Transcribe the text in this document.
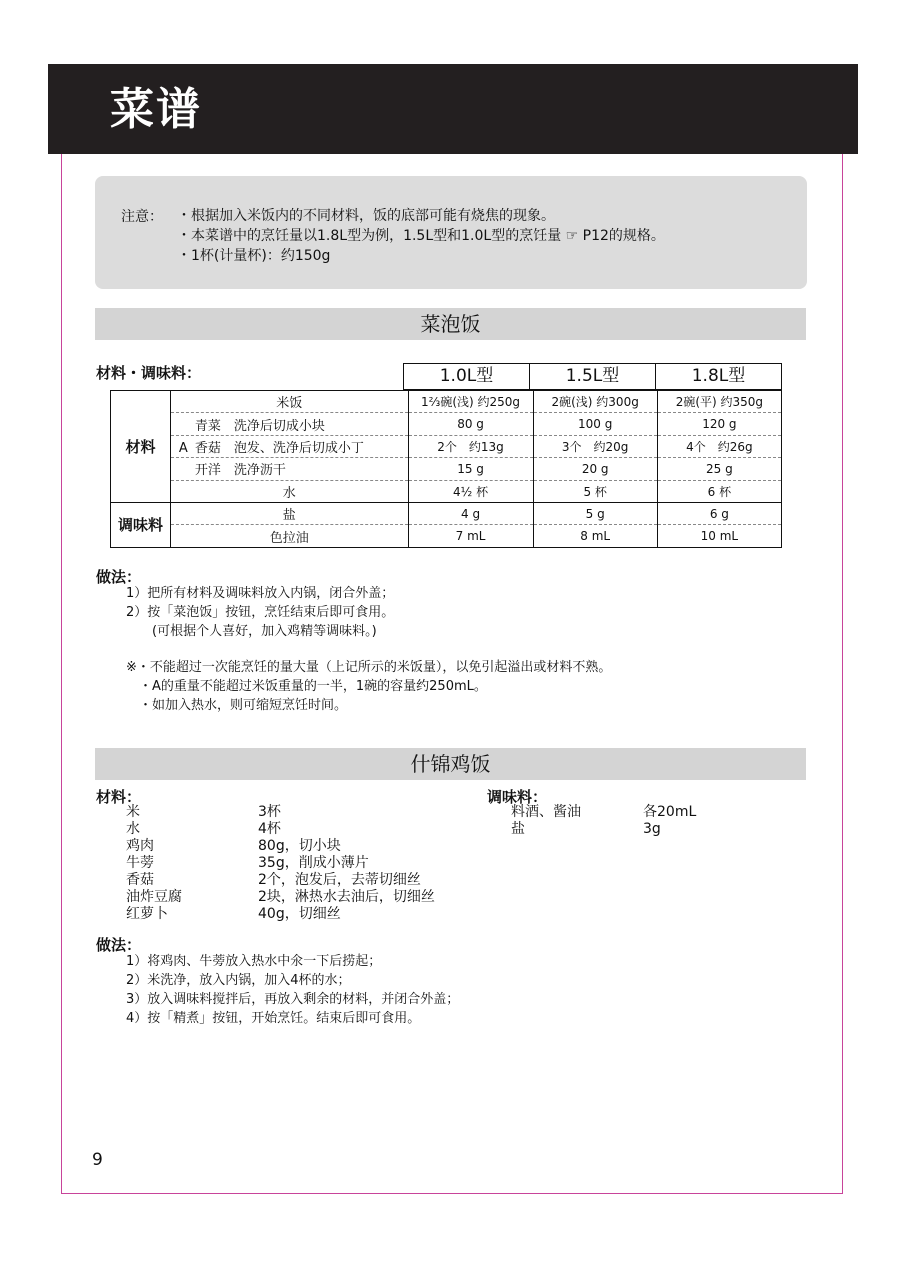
菜谱
注意： ・根据加入米饭内的不同材料，饭的底部可能有烧焦的现象。
・本菜谱中的烹饪量以1.8L型为例，1.5L型和1.0L型的烹饪量 ☞ P12的规格。
・1杯(计量杯)：约150g
菜泡饭
材料・调味料：	1.0L型	1.5L型	1.8L型
材料	米饭	1⅔碗(浅) 约250g	2碗(浅) 约300g	2碗(平) 约350g
	青菜　洗净后切成小块	80 g	100 g	120 g
	A 香菇　泡发、洗净后切成小丁	2个　约13g	3个　约20g	4个　约26g
	开洋　洗净沥干	15 g	20 g	25 g
	水	4½ 杯	5 杯	6 杯
调味料	盐	4 g	5 g	6 g
	色拉油	7 mL	8 mL	10 mL
做法：
1）把所有材料及调味料放入内锅，闭合外盖；
2）按「菜泡饭」按钮，烹饪结束后即可食用。
　　(可根据个人喜好，加入鸡精等调味料。)
※・不能超过一次能烹饪的量大量（上记所示的米饭量），以免引起溢出或材料不熟。
　・A的重量不能超过米饭重量的一半，1碗的容量约250mL。
　・如加入热水，则可缩短烹饪时间。
什锦鸡饭
材料：
米	3杯
水	4杯
鸡肉	80g，切小块
牛蒡	35g，削成小薄片
香菇	2个，泡发后，去蒂切细丝
油炸豆腐	2块，淋热水去油后，切细丝
红萝卜	40g，切细丝
调味料：
料酒、酱油	各20mL
盐	3g
做法：
1）将鸡肉、牛蒡放入热水中氽一下后捞起；
2）米洗净，放入内锅，加入4杯的水；
3）放入调味料搅拌后，再放入剩余的材料，并闭合外盖；
4）按「精煮」按钮，开始烹饪。结束后即可食用。
9
